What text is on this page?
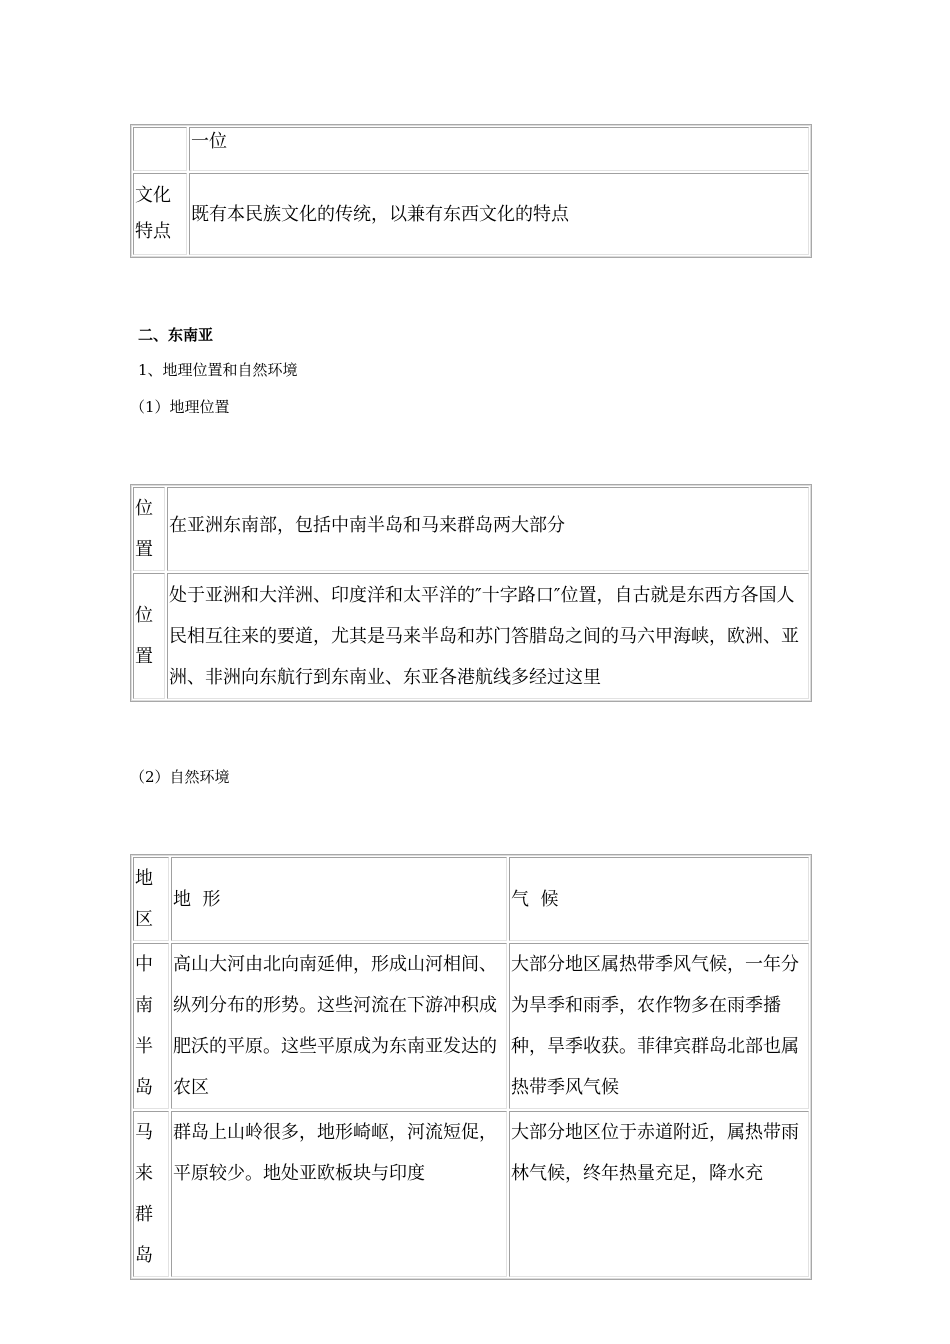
	一位
文化特点	既有本民族文化的传统，以兼有东西文化的特点
二、东南亚
1、地理位置和自然环境
（1）地理位置
位置	在亚洲东南部，包括中南半岛和马来群岛两大部分
位置	处于亚洲和大洋洲、印度洋和太平洋的″十字路口″位置，自古就是东西方各国人民相互往来的要道，尤其是马来半岛和苏门答腊岛之间的马六甲海峡，欧洲、亚洲、非洲向东航行到东南业、东亚各港航线多经过这里
（2）自然环境
地区	地  形	气  候
中南半岛	高山大河由北向南延伸，形成山河相间、纵列分布的形势。这些河流在下游冲积成肥沃的平原。这些平原成为东南亚发达的农区	大部分地区属热带季风气候，一年分为旱季和雨季，农作物多在雨季播种，旱季收获。菲律宾群岛北部也属热带季风气候
马来群岛	群岛上山岭很多，地形崎岖，河流短促，平原较少。地处亚欧板块与印度	大部分地区位于赤道附近，属热带雨林气候，终年热量充足，降水充
